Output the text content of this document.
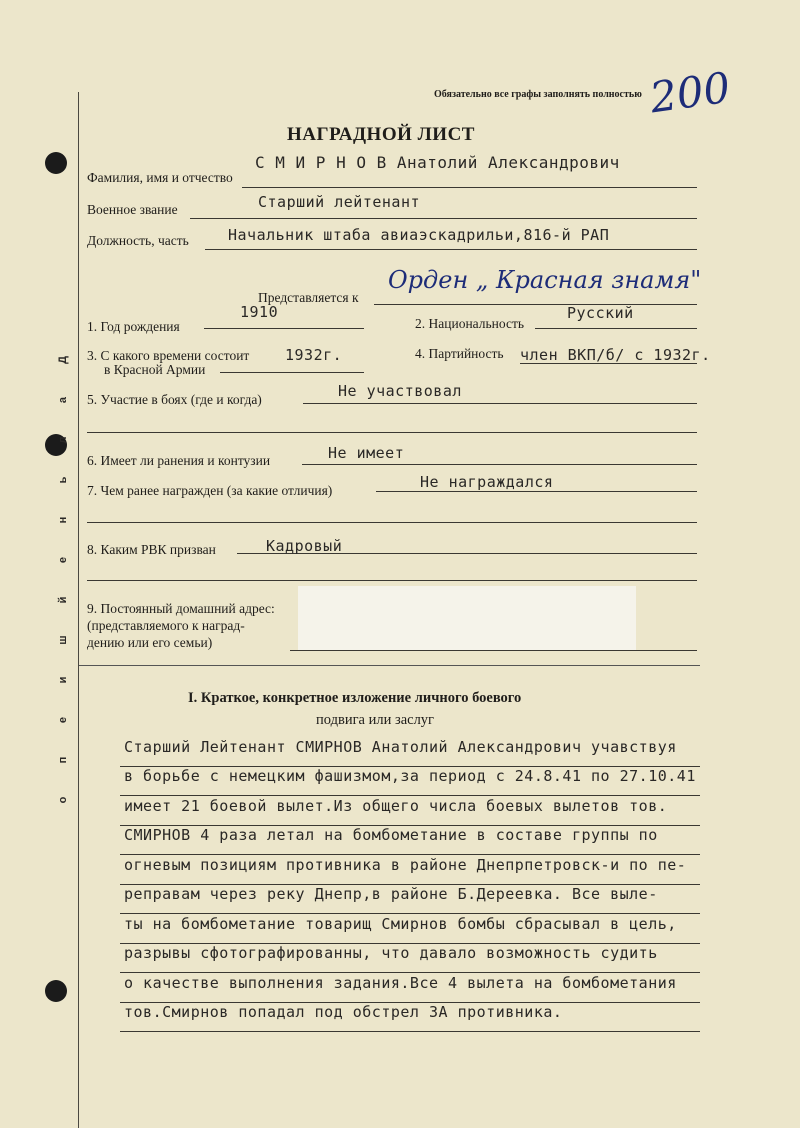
Д
а
л
ь
н
е
й
ш
и
е
п
о
Обязательно все графы заполнять полностью 200
НАГРАДНОЙ ЛИСТ
Фамилия, имя и отчество
С М И Р Н О В Анатолий Александрович
Военное звание	Старший лейтенант
Должность, часть	Начальник штаба авиаэскадрильи,816-й РАП
Представляется к
Орден „ Красная знамя"
1. Год рождения
1910
2. Национальность
Русский
3. С какого времени состоит
в Красной Армии
1932г.	4. Партийность член ВКП/б/ с 1932г.
5. Участие в боях (где и когда)	Не участвовал
6. Имеет ли ранения и контузии	Не имеет
7. Чем ранее награжден (за какие отличия)	Не награждался
8. Каким РВК призван	Кадровый
9. Постоянный домашний адрес:
(представляемого к наград-
дению или его семьи)
I. Краткое, конкретное изложение личного боевого
подвига или заслуг
Старший Лейтенант СМИРНОВ Анатолий Александрович учавствуя
в борьбе с немецким фашизмом,за период с 24.8.41 по 27.10.41
имеет 21 боевой вылет.Из общего числа боевых вылетов тов.
СМИРНОВ 4 раза летал на бомбометание в составе группы по
огневым позициям противника в районе Днепрпетровск-и по пе-
реправам через реку Днепр,в районе Б.Дереевка. Все выле-
ты на бомбометание товарищ Смирнов бомбы сбрасывал в цель,
разрывы сфотографированны, что давало возможность судить
о качестве выполнения задания.Все 4 вылета на бомбометания
тов.Смирнов попадал под обстрел ЗА противника.
